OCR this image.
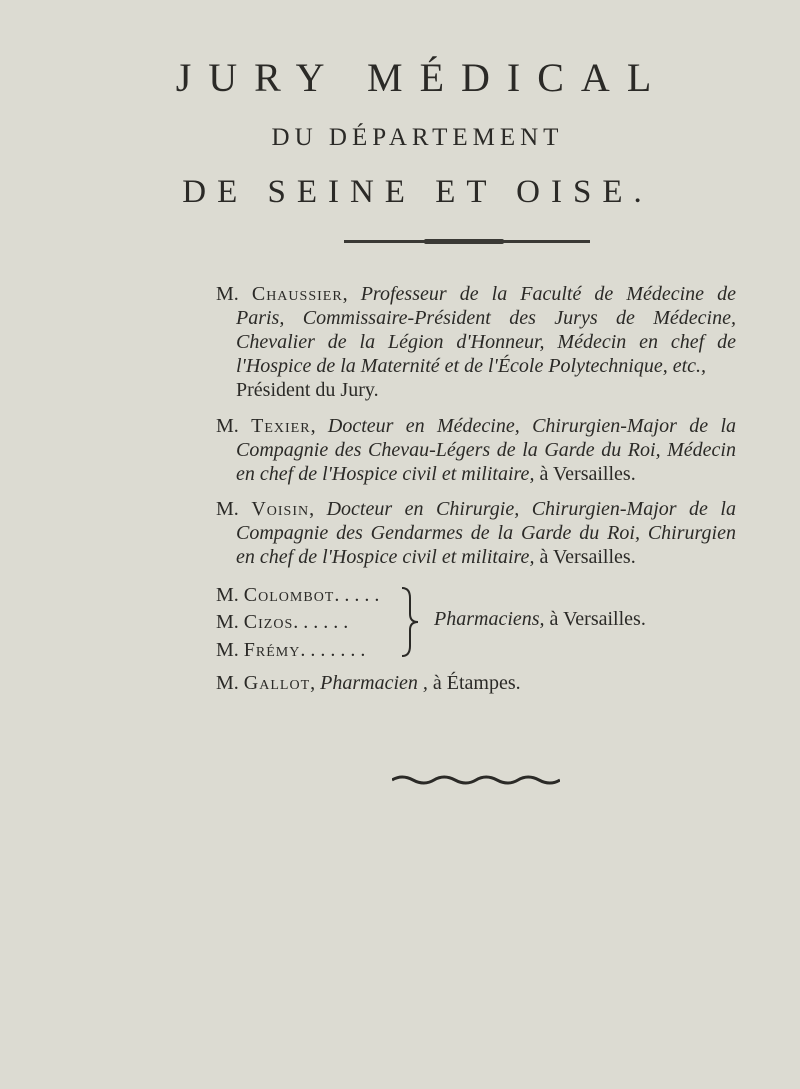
JURY MÉDICAL
DU DÉPARTEMENT
DE SEINE ET OISE.
M. Chaussier, Professeur de la Faculté de Médecine de
Paris, Commissaire-Président des Jurys de Médecine,
Chevalier de la Légion d'Honneur, Médecin en chef de
l'Hospice de la Maternité et de l'École Polytechnique, etc.,
Président du Jury.
M. Texier, Docteur en Médecine, Chirurgien-Major de la
Compagnie des Chevau-Légers de la Garde du Roi, Médecin
en chef de l'Hospice civil et militaire, à Versailles.
M. Voisin, Docteur en Chirurgie, Chirurgien-Major de la
Compagnie des Gendarmes de la Garde du Roi, Chirurgien
en chef de l'Hospice civil et militaire, à Versailles.
M. Colombot. . . . .
M. Cizos. . . . . .
M. Frémy. . . . . . .
Pharmaciens, à Versailles.
M. Gallot, Pharmacien , à Étampes.
